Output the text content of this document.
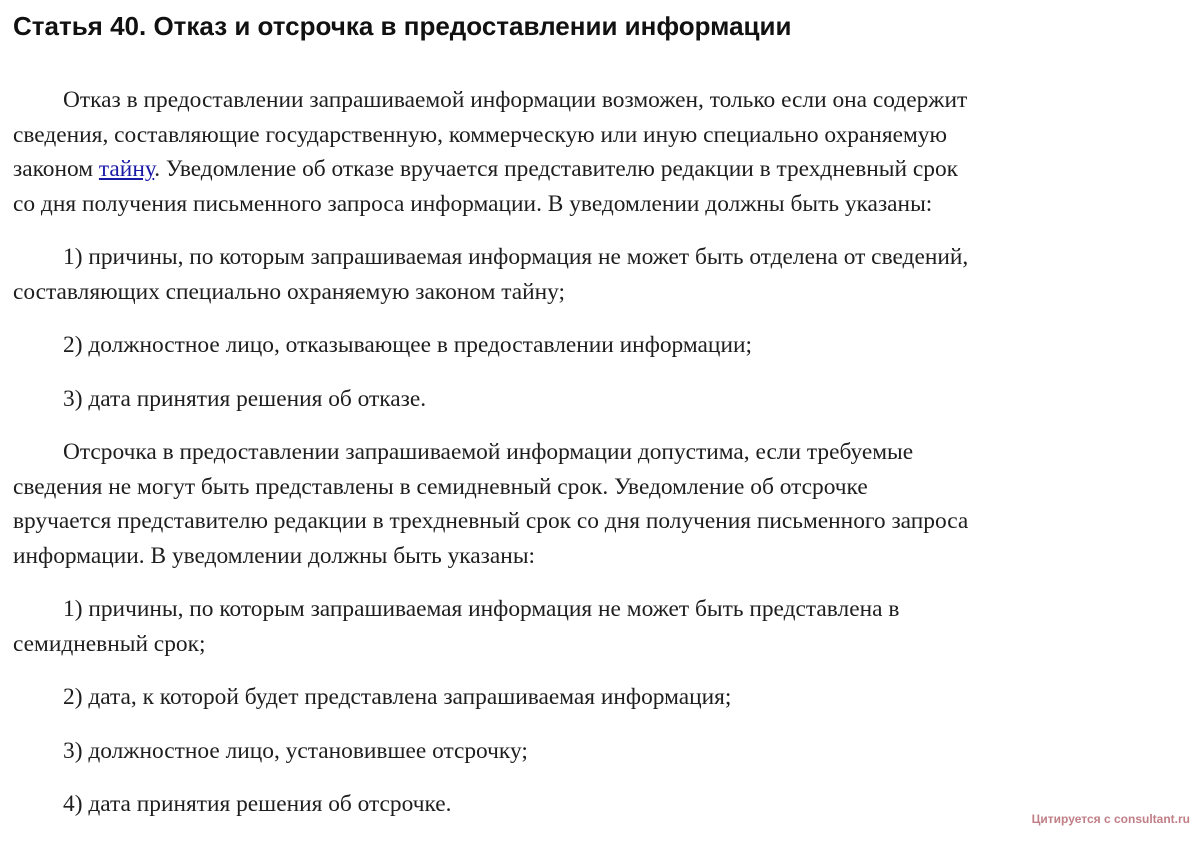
Статья 40. Отказ и отсрочка в предоставлении информации

Отказ в предоставлении запрашиваемой информации возможен, только если она содержит
сведения, составляющие государственную, коммерческую или иную специально охраняемую
законом тайну. Уведомление об отказе вручается представителю редакции в трехдневный срок
со дня получения письменного запроса информации. В уведомлении должны быть указаны:

1) причины, по которым запрашиваемая информация не может быть отделена от сведений,
составляющих специально охраняемую законом тайну;

2) должностное лицо, отказывающее в предоставлении информации;

3) дата принятия решения об отказе.

Отсрочка в предоставлении запрашиваемой информации допустима, если требуемые
сведения не могут быть представлены в семидневный срок. Уведомление об отсрочке
вручается представителю редакции в трехдневный срок со дня получения письменного запроса
информации. В уведомлении должны быть указаны:

1) причины, по которым запрашиваемая информация не может быть представлена в
семидневный срок;

2) дата, к которой будет представлена запрашиваемая информация;

3) должностное лицо, установившее отсрочку;

4) дата принятия решения об отсрочке.

Цитируется с consultant.ru
